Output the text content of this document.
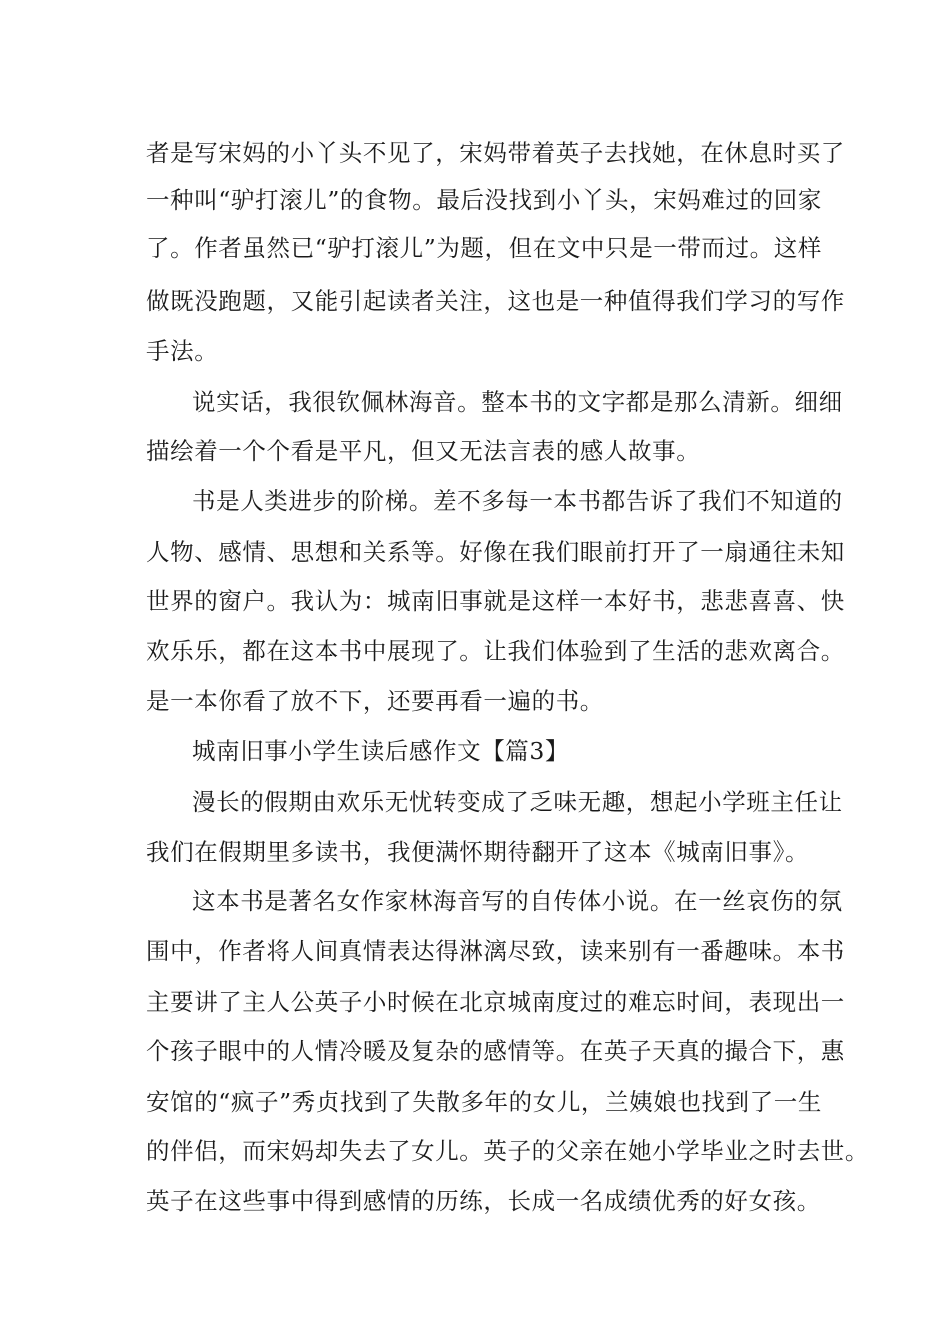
者是写宋妈的小丫头不见了，宋妈带着英子去找她，在休息时买了

一种叫“驴打滚儿”的食物。最后没找到小丫头，宋妈难过的回家

了。作者虽然已“驴打滚儿”为题，但在文中只是一带而过。这样

做既没跑题，又能引起读者关注，这也是一种值得我们学习的写作

手法。

说实话，我很钦佩林海音。整本书的文字都是那么清新。细细

描绘着一个个看是平凡，但又无法言表的感人故事。

书是人类进步的阶梯。差不多每一本书都告诉了我们不知道的

人物、感情、思想和关系等。好像在我们眼前打开了一扇通往未知

世界的窗户。我认为：城南旧事就是这样一本好书，悲悲喜喜、快

欢乐乐，都在这本书中展现了。让我们体验到了生活的悲欢离合。

是一本你看了放不下，还要再看一遍的书。

城南旧事小学生读后感作文【篇3】

漫长的假期由欢乐无忧转变成了乏味无趣，想起小学班主任让

我们在假期里多读书，我便满怀期待翻开了这本《城南旧事》。

这本书是著名女作家林海音写的自传体小说。在一丝哀伤的氛

围中，作者将人间真情表达得淋漓尽致，读来别有一番趣味。本书

主要讲了主人公英子小时候在北京城南度过的难忘时间，表现出一

个孩子眼中的人情冷暖及复杂的感情等。在英子天真的撮合下，惠

安馆的“疯子”秀贞找到了失散多年的女儿，兰姨娘也找到了一生

的伴侣，而宋妈却失去了女儿。英子的父亲在她小学毕业之时去世。

英子在这些事中得到感情的历练，长成一名成绩优秀的好女孩。
